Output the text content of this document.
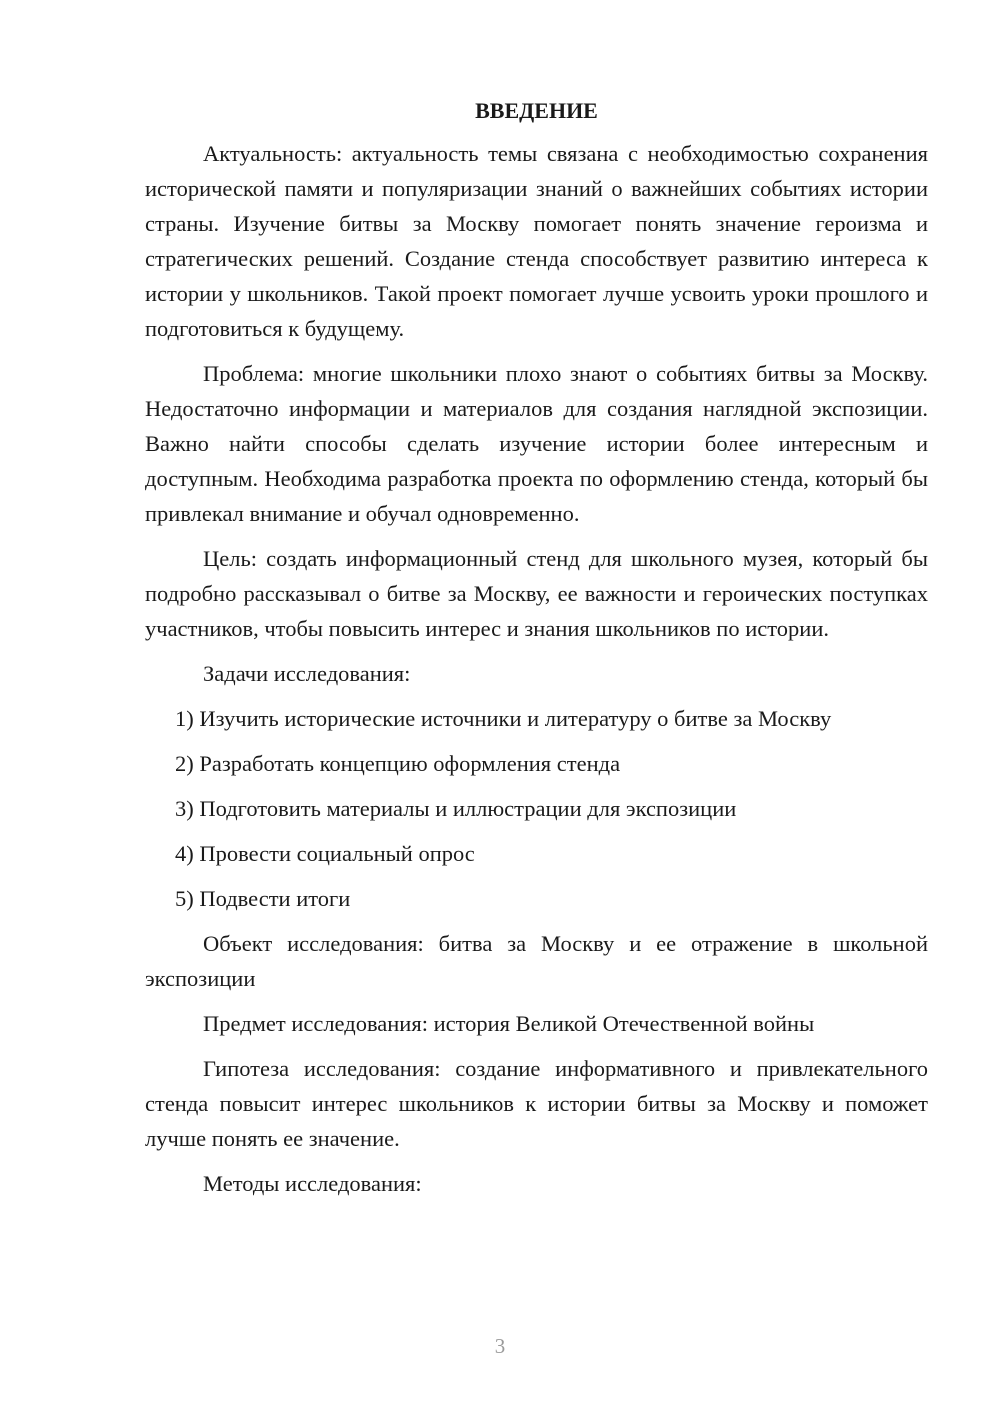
ВВЕДЕНИЕ

Актуальность: актуальность темы связана с необходимостью сохранения исторической памяти и популяризации знаний о важнейших событиях истории страны. Изучение битвы за Москву помогает понять значение героизма и стратегических решений. Создание стенда способствует развитию интереса к истории у школьников. Такой проект помогает лучше усвоить уроки прошлого и подготовиться к будущему.

Проблема: многие школьники плохо знают о событиях битвы за Москву. Недостаточно информации и материалов для создания наглядной экспозиции. Важно найти способы сделать изучение истории более интересным и доступным. Необходима разработка проекта по оформлению стенда, который бы привлекал внимание и обучал одновременно.

Цель: создать информационный стенд для школьного музея, который бы подробно рассказывал о битве за Москву, ее важности и героических поступках участников, чтобы повысить интерес и знания школьников по истории.

Задачи исследования:

1) Изучить исторические источники и литературу о битве за Москву
2) Разработать концепцию оформления стенда
3) Подготовить материалы и иллюстрации для экспозиции
4) Провести социальный опрос
5) Подвести итоги

Объект исследования: битва за Москву и ее отражение в школьной экспозиции

Предмет исследования: история Великой Отечественной войны

Гипотеза исследования: создание информативного и привлекательного стенда повысит интерес школьников к истории битвы за Москву и поможет лучше понять ее значение.

Методы исследования:

3
